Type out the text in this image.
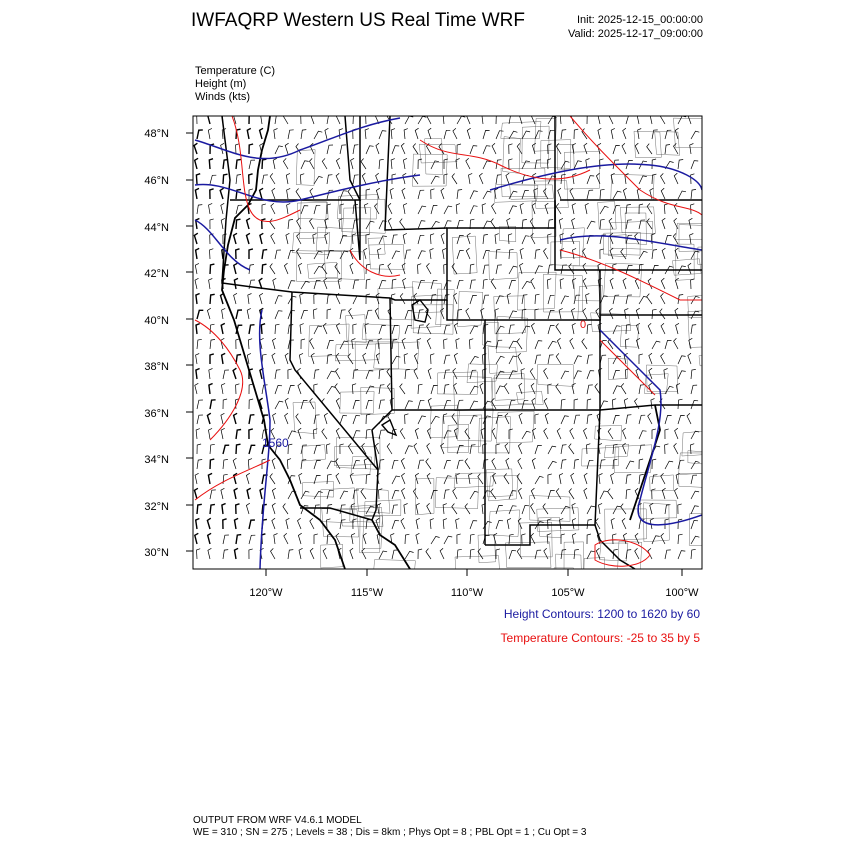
IWFAQRP Western US Real Time WRF	Init: 2025-12-15_00:00:00
Valid: 2025-12-17_09:00:00
Temperature (C)
Height (m)
Winds (kts)
1560
0
48°N
46°N
44°N
42°N
40°N
38°N
36°N
34°N
32°N
30°N
120°W	115°W	110°W	105°W	100°W
Height Contours: 1200 to 1620 by 60
Temperature Contours: -25 to 35 by 5
OUTPUT FROM WRF V4.6.1 MODEL
WE = 310 ; SN = 275 ; Levels = 38 ; Dis = 8km ; Phys Opt = 8 ; PBL Opt = 1 ; Cu Opt = 3
